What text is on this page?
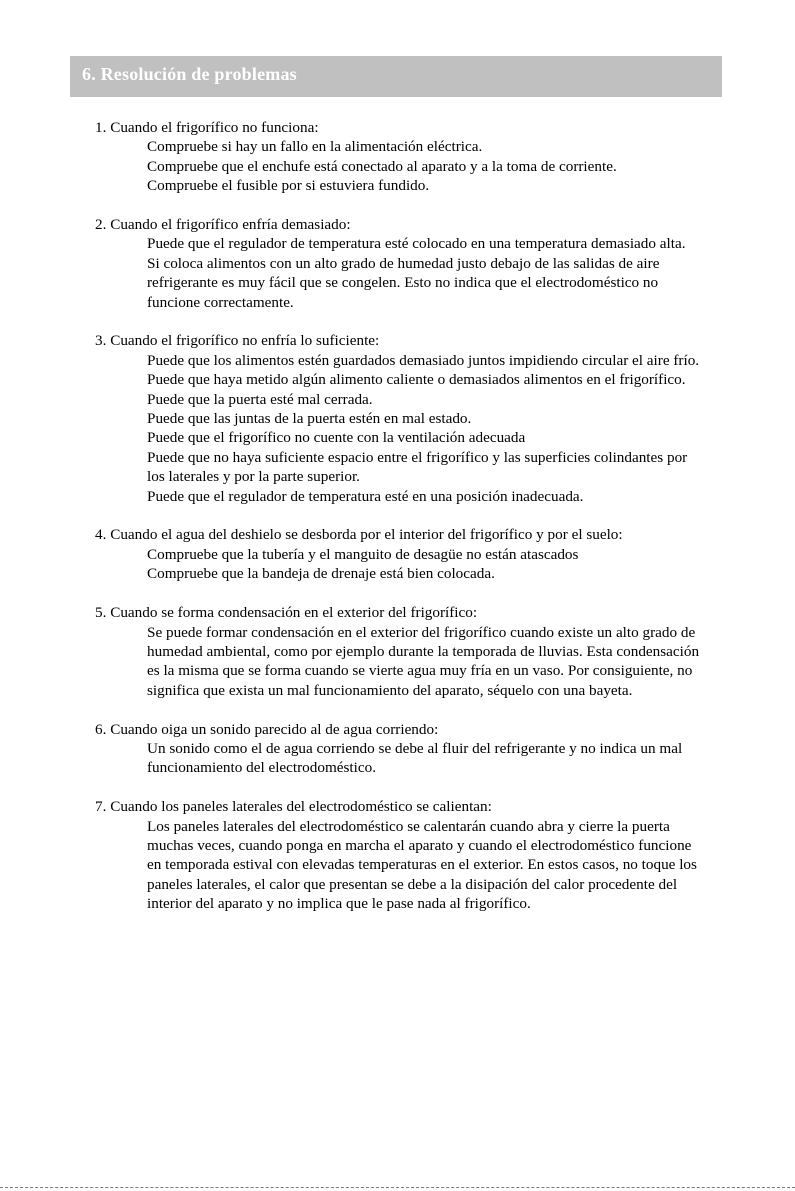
6. Resolución de problemas
1. Cuando el frigorífico no funciona:

Compruebe si hay un fallo en la alimentación eléctrica.

Compruebe que el enchufe está conectado al aparato y a la toma de corriente.

Compruebe el fusible por si estuviera fundido.

2. Cuando el frigorífico enfría demasiado:

Puede que el regulador de temperatura esté colocado en una temperatura demasiado alta.

Si coloca alimentos con un alto grado de humedad justo debajo de las salidas de aire refrigerante es muy fácil que se congelen. Esto no indica que el electrodoméstico no funcione correctamente.

3. Cuando el frigorífico no enfría lo suficiente:

Puede que los alimentos estén guardados demasiado juntos impidiendo circular el aire frío.

Puede que haya metido algún alimento caliente o demasiados alimentos en el frigorífico.

Puede que la puerta esté mal cerrada.

Puede que las juntas de la puerta estén en mal estado.

Puede que el frigorífico no cuente con la ventilación adecuada

Puede que no haya suficiente espacio entre el frigorífico y las superficies colindantes por los laterales y por la parte superior.

Puede que el regulador de temperatura esté en una posición inadecuada.

4. Cuando el agua del deshielo se desborda por el interior del frigorífico y por el suelo:

Compruebe que la tubería y el manguito de desagüe no están atascados

Compruebe que la bandeja de drenaje está bien colocada.

5. Cuando se forma condensación en el exterior del frigorífico:

Se puede formar condensación en el exterior del frigorífico cuando existe un alto grado de humedad ambiental, como por ejemplo durante la temporada de lluvias. Esta condensación es la misma que se forma cuando se vierte agua muy fría en un vaso. Por consiguiente, no significa que exista un mal funcionamiento del aparato, séquelo con una bayeta.

6. Cuando oiga un sonido parecido al de agua corriendo:

Un sonido como el de agua corriendo se debe al fluir del refrigerante y no indica un mal funcionamiento del electrodoméstico.

7. Cuando los paneles laterales del electrodoméstico se calientan:

Los paneles laterales del electrodoméstico se calentarán cuando abra y cierre la puerta muchas veces, cuando ponga en marcha el aparato y cuando el electrodoméstico funcione en temporada estival con elevadas temperaturas en el exterior. En estos casos, no toque los paneles laterales, el calor que presentan se debe a la disipación del calor procedente del interior del aparato y no implica que le pase nada al frigorífico.
